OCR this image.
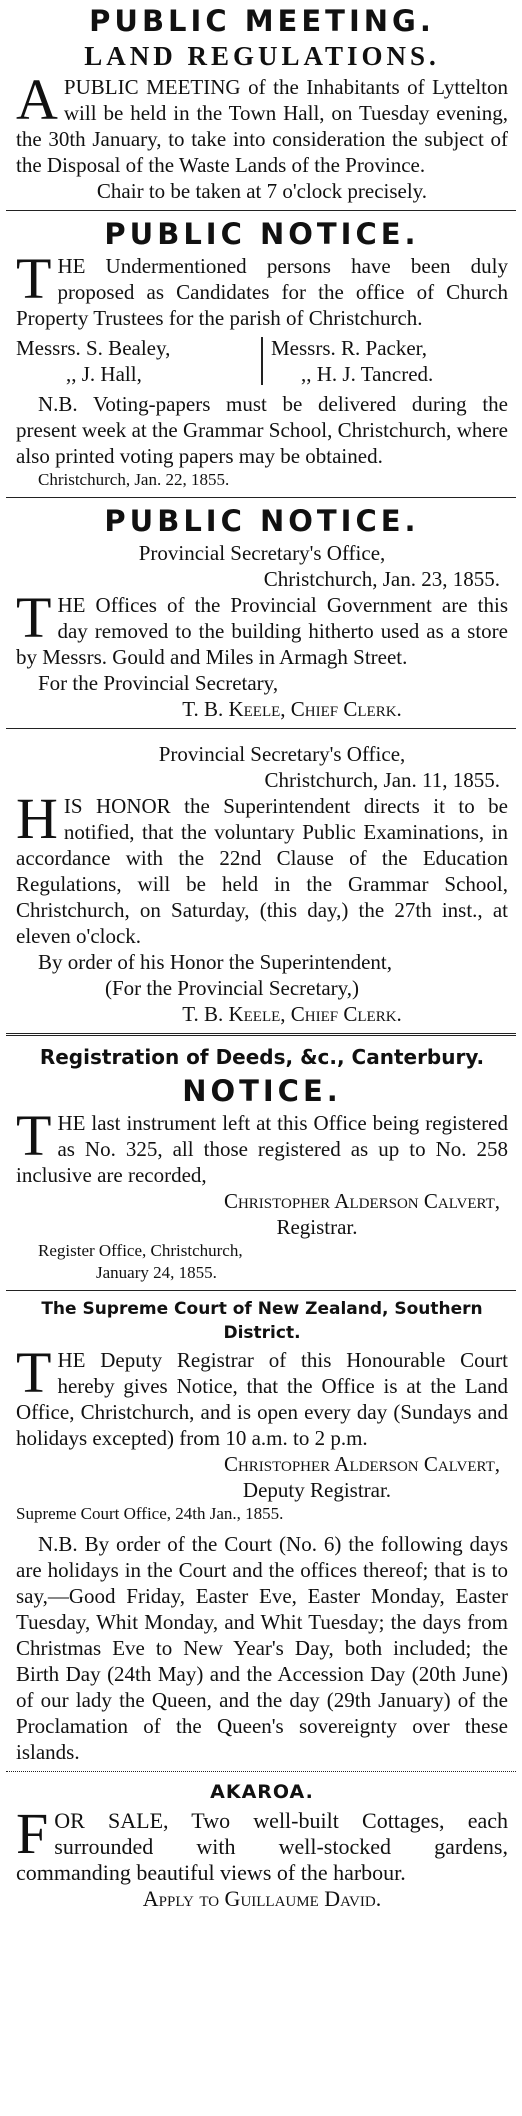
PUBLIC MEETING.
LAND REGULATIONS.
A PUBLIC MEETING of the Inhabitants of Lyttelton will be held in the Town Hall, on Tuesday evening, the 30th January, to take into consideration the subject of the Disposal of the Waste Lands of the Province.
Chair to be taken at 7 o'clock precisely.
PUBLIC NOTICE.
T HE Undermentioned persons have been duly proposed as Candidates for the office of Church Property Trustees for the parish of Christchurch.
Messrs. S. Bealey,
,, J. Hall,
Messrs. R. Packer,
,, H. J. Tancred.
N.B. Voting-papers must be delivered during the present week at the Grammar School, Christchurch, where also printed voting papers may be obtained.
Christchurch, Jan. 22, 1855.
PUBLIC NOTICE.
Provincial Secretary's Office,
Christchurch, Jan. 23, 1855.
T HE Offices of the Provincial Government are this day removed to the building hitherto used as a store by Messrs. Gould and Miles in Armagh Street.
For the Provincial Secretary,
T. B. Keele, Chief Clerk.
Provincial Secretary's Office,
Christchurch, Jan. 11, 1855.
H IS HONOR the Superintendent directs it to be notified, that the voluntary Public Examinations, in accordance with the 22nd Clause of the Education Regulations, will be held in the Grammar School, Christchurch, on Saturday, (this day,) the 27th inst., at eleven o'clock.
By order of his Honor the Superintendent,
(For the Provincial Secretary,)
T. B. Keele, Chief Clerk.
Registration of Deeds, &c., Canterbury.
NOTICE.
T HE last instrument left at this Office being registered as No. 325, all those registered as up to No. 258 inclusive are recorded,
Christopher Alderson Calvert,
Registrar.
Register Office, Christchurch,
January 24, 1855.
The Supreme Court of New Zealand, Southern District.
T HE Deputy Registrar of this Honourable Court hereby gives Notice, that the Office is at the Land Office, Christchurch, and is open every day (Sundays and holidays excepted) from 10 a.m. to 2 p.m.
Christopher Alderson Calvert,
Deputy Registrar.
Supreme Court Office, 24th Jan., 1855.
N.B. By order of the Court (No. 6) the following days are holidays in the Court and the offices thereof; that is to say,—Good Friday, Easter Eve, Easter Monday, Easter Tuesday, Whit Monday, and Whit Tuesday; the days from Christmas Eve to New Year's Day, both included; the Birth Day (24th May) and the Accession Day (20th June) of our lady the Queen, and the day (29th January) of the Proclamation of the Queen's sovereignty over these islands.
AKAROA.
F OR SALE, Two well-built Cottages, each surrounded with well-stocked gardens, commanding beautiful views of the harbour.
Apply to Guillaume David.
